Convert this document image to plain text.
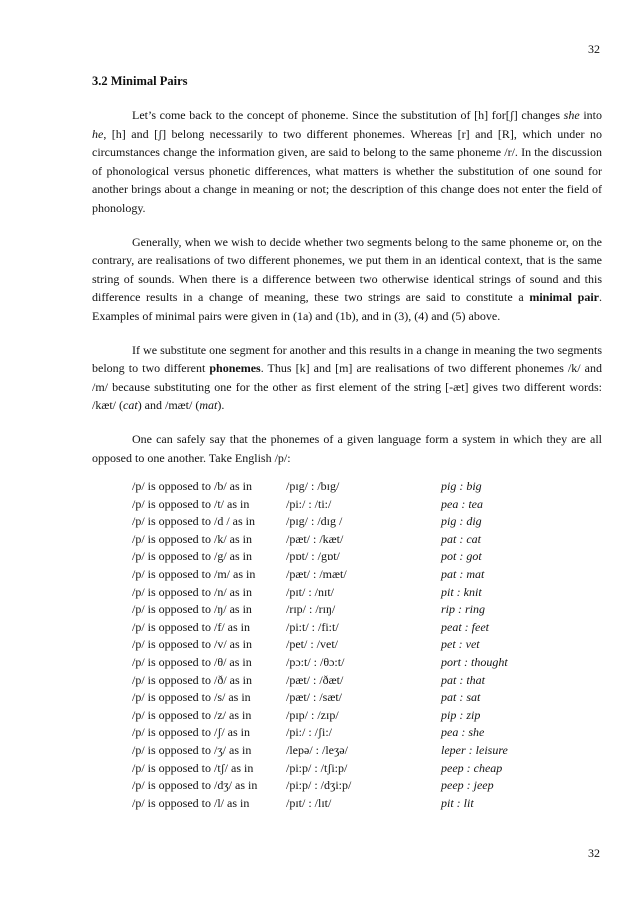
32
3.2 Minimal Pairs

Let’s come back to the concept of phoneme. Since the substitution of [h] for[ʃ] changes she into he, [h] and [ʃ] belong necessarily to two different phonemes. Whereas [r] and [R], which under no circumstances change the information given, are said to belong to the same phoneme /r/. In the discussion of phonological versus phonetic differences, what matters is whether the substitution of one sound for another brings about a change in meaning or not; the description of this change does not enter the field of phonology.

Generally, when we wish to decide whether two segments belong to the same phoneme or, on the contrary, are realisations of two different phonemes, we put them in an identical context, that is the same string of sounds. When there is a difference between two otherwise identical strings of sound and this difference results in a change of meaning, these two strings are said to constitute a minimal pair. Examples of minimal pairs were given in (1a) and (1b), and in (3), (4) and (5) above.

If we substitute one segment for another and this results in a change in meaning the two segments belong to two different phonemes. Thus [k] and [m] are realisations of two different phonemes /k/ and /m/ because substituting one for the other as first element of the string [-æt] gives two different words: /kæt/ (cat) and /mæt/ (mat).

One can safely say that the phonemes of a given language form a system in which they are all opposed to one another. Take English /p/:

/p/ is opposed to /b/ as in	/pɪg/ : /bɪg/	pig : big
/p/ is opposed to /t/ as in	/pi:/ : /ti:/	pea : tea
/p/ is opposed to /d / as in	/pɪg/ : /dɪg /	pig : dig
/p/ is opposed to /k/ as in	/pæt/ : /kæt/	pat : cat
/p/ is opposed to /g/ as in	/pɒt/ : /gɒt/	pot : got
/p/ is opposed to /m/ as in	/pæt/ : /mæt/	pat : mat
/p/ is opposed to /n/ as in	/pɪt/ : /nɪt/	pit : knit
/p/ is opposed to /ŋ/ as in	/rɪp/ : /rɪŋ/	rip : ring
/p/ is opposed to /f/ as in	/pi:t/ : /fi:t/	peat : feet
/p/ is opposed to /v/ as in	/pet/ : /vet/	pet : vet
/p/ is opposed to /θ/ as in	/pɔ:t/ : /θɔ:t/	port : thought
/p/ is opposed to /ð/ as in	/pæt/ : /ðæt/	pat : that
/p/ is opposed to /s/ as in	/pæt/ : /sæt/	pat : sat
/p/ is opposed to /z/ as in	/pɪp/ : /zɪp/	pip : zip
/p/ is opposed to /ʃ/ as in	/pi:/ : /ʃi:/	pea : she
/p/ is opposed to /ʒ/ as in	/lepə/ : /leʒə/	leper : leisure
/p/ is opposed to /tʃ/ as in	/pi:p/ : /tʃi:p/	peep : cheap
/p/ is opposed to /dʒ/ as in	/pi:p/ : /dʒi:p/	peep : jeep
/p/ is opposed to /l/ as in	/pɪt/ : /lɪt/	pit : lit
32
